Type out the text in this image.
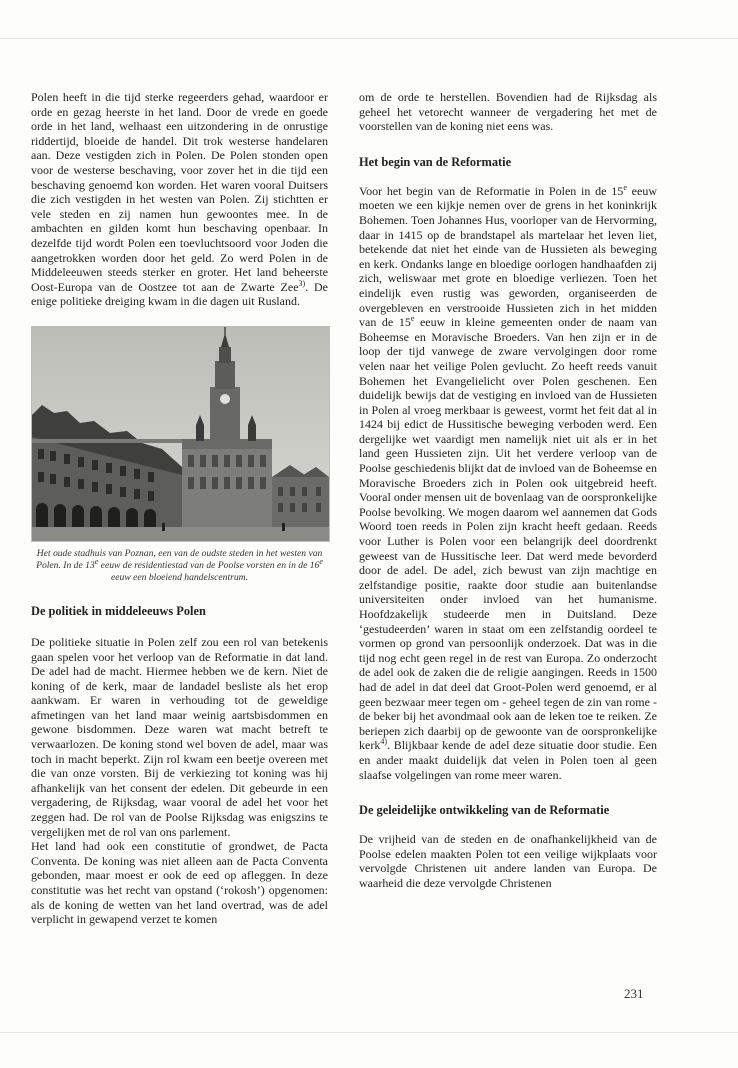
Polen heeft in die tijd sterke regeerders gehad, waardoor er orde en gezag heerste in het land. Door de vrede en goede orde in het land, welhaast een uitzondering in de onrustige riddertijd, bloeide de handel. Dit trok westerse handelaren aan. Deze vestigden zich in Polen. De Polen stonden open voor de westerse beschaving, voor zover het in die tijd een beschaving genoemd kon worden. Het waren vooral Duitsers die zich vestigden in het westen van Polen. Zij stichtten er vele steden en zij namen hun gewoontes mee. In de ambachten en gilden komt hun beschaving openbaar. In dezelfde tijd wordt Polen een toevluchtsoord voor Joden die aangetrokken worden door het geld. Zo werd Polen in de Middeleeuwen steeds sterker en groter. Het land beheerste Oost-Europa van de Oostzee tot aan de Zwarte Zee$^{3)}$. De enige politieke dreiging kwam in die dagen uit Rusland.

Het oude stadhuis van Poznan, een van de oudste steden in het westen van Polen. In de 13e eeuw de residentiestad van de Poolse vorsten en in de 16e eeuw een bloeiend handelscentrum.

De politiek in middeleeuws Polen

De politieke situatie in Polen zelf zou een rol van betekenis gaan spelen voor het verloop van de Reformatie in dat land. De adel had de macht. Hiermee hebben we de kern. Niet de koning of de kerk, maar de landadel besliste als het erop aankwam. Er waren in verhouding tot de geweldige afmetingen van het land maar weinig aartsbisdommen en gewone bisdommen. Deze waren wat macht betreft te verwaarlozen. De koning stond wel boven de adel, maar was toch in macht beperkt. Zijn rol kwam een beetje overeen met die van onze vorsten. Bij de verkiezing tot koning was hij afhankelijk van het consent der edelen. Dit gebeurde in een vergadering, de Rijksdag, waar vooral de adel het voor het zeggen had. De rol van de Poolse Rijksdag was enigszins te vergelijken met de rol van ons parlement.

Het land had ook een constitutie of grondwet, de Pacta Conventa. De koning was niet alleen aan de Pacta Conventa gebonden, maar moest er ook de eed op afleggen. In deze constitutie was het recht van opstand (‘rokosh’) opgenomen: als de koning de wetten van het land overtrad, was de adel verplicht in gewapend verzet te komen

om de orde te herstellen. Bovendien had de Rijksdag als geheel het vetorecht wanneer de vergadering het met de voorstellen van de koning niet eens was.

Het begin van de Reformatie

Voor het begin van de Reformatie in Polen in de 15e eeuw moeten we een kijkje nemen over de grens in het koninkrijk Bohemen. Toen Johannes Hus, voorloper van de Hervorming, daar in 1415 op de brandstapel als martelaar het leven liet, betekende dat niet het einde van de Hussieten als beweging en kerk. Ondanks lange en bloedige oorlogen handhaafden zij zich, weliswaar met grote en bloedige verliezen. Toen het eindelijk even rustig was geworden, organiseerden de overgebleven en verstrooide Hussieten zich in het midden van de 15e eeuw in kleine gemeenten onder de naam van Boheemse en Moravische Broeders. Van hen zijn er in de loop der tijd vanwege de zware vervolgingen door rome velen naar het veilige Polen gevlucht. Zo heeft reeds vanuit Bohemen het Evangelielicht over Polen geschenen. Een duidelijk bewijs dat de vestiging en invloed van de Hussieten in Polen al vroeg merkbaar is geweest, vormt het feit dat al in 1424 bij edict de Hussitische beweging verboden werd. Een dergelijke wet vaardigt men namelijk niet uit als er in het land geen Hussieten zijn. Uit het verdere verloop van de Poolse geschiedenis blijkt dat de invloed van de Boheemse en Moravische Broeders zich in Polen ook uitgebreid heeft. Vooral onder mensen uit de bovenlaag van de oorspronkelijke Poolse bevolking. We mogen daarom wel aannemen dat Gods Woord toen reeds in Polen zijn kracht heeft gedaan. Reeds voor Luther is Polen voor een belangrijk deel doordrenkt geweest van de Hussitische leer. Dat werd mede bevorderd door de adel. De adel, zich bewust van zijn machtige en zelfstandige positie, raakte door studie aan buitenlandse universiteiten onder invloed van het humanisme. Hoofdzakelijk studeerde men in Duitsland. Deze ‘gestudeerden’ waren in staat om een zelfstandig oordeel te vormen op grond van persoonlijk onderzoek. Dat was in die tijd nog echt geen regel in de rest van Europa. Zo onderzocht de adel ook de zaken die de religie aangingen. Reeds in 1500 had de adel in dat deel dat Groot-Polen werd genoemd, er al geen bezwaar meer tegen om - geheel tegen de zin van rome - de beker bij het avondmaal ook aan de leken toe te reiken. Ze beriepen zich daarbij op de gewoonte van de oorspronkelijke kerk$^{4)}$. Blijkbaar kende de adel deze situatie door studie. Een en ander maakt duidelijk dat velen in Polen toen al geen slaafse volgelingen van rome meer waren.

De geleidelijke ontwikkeling van de Reformatie

De vrijheid van de steden en de onafhankelijkheid van de Poolse edelen maakten Polen tot een veilige wijkplaats voor vervolgde Christenen uit andere landen van Europa. De waarheid die deze vervolgde Christenen

231
